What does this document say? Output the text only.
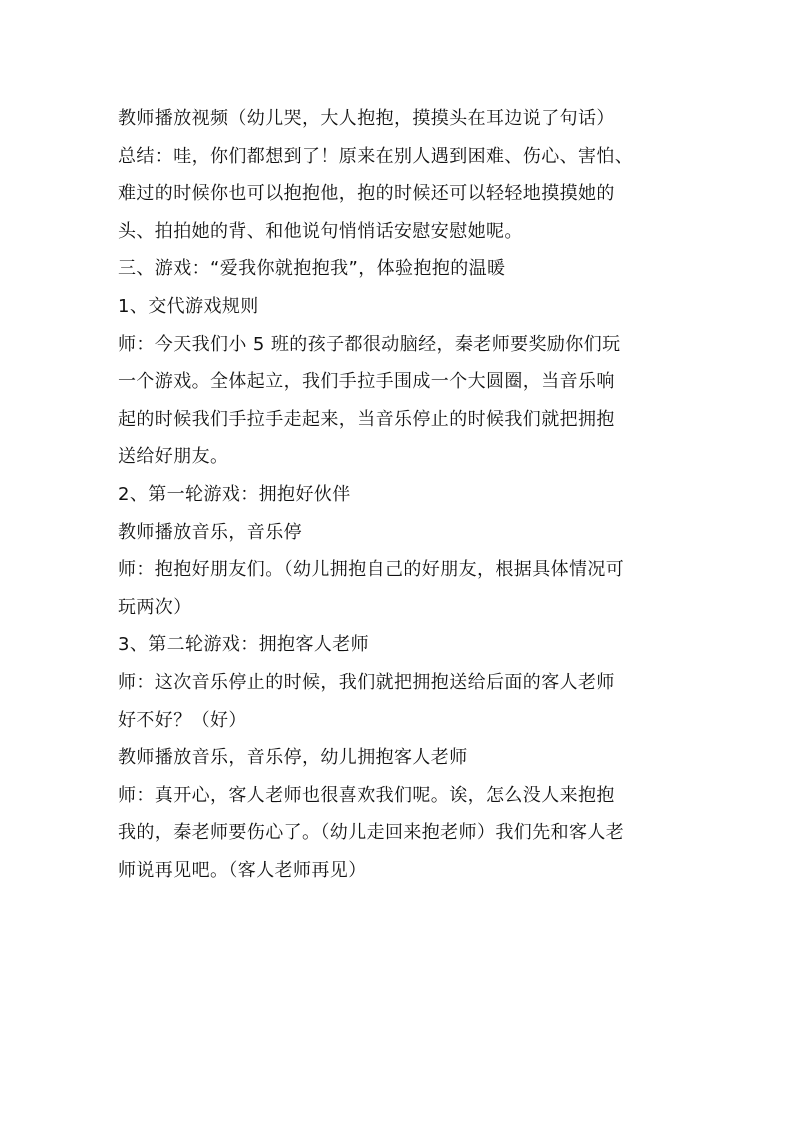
教师播放视频（幼儿哭，大人抱抱，摸摸头在耳边说了句话）
总结：哇，你们都想到了！原来在别人遇到困难、伤心、害怕、
难过的时候你也可以抱抱他，抱的时候还可以轻轻地摸摸她的
头、拍拍她的背、和他说句悄悄话安慰安慰她呢。
三、游戏：“爱我你就抱抱我”，体验抱抱的温暖
1、交代游戏规则
师：今天我们小 5 班的孩子都很动脑经，秦老师要奖励你们玩
一个游戏。全体起立，我们手拉手围成一个大圆圈，当音乐响
起的时候我们手拉手走起来，当音乐停止的时候我们就把拥抱
送给好朋友。
2、第一轮游戏：拥抱好伙伴
教师播放音乐，音乐停
师：抱抱好朋友们。（幼儿拥抱自己的好朋友，根据具体情况可
玩两次）
3、第二轮游戏：拥抱客人老师
师：这次音乐停止的时候，我们就把拥抱送给后面的客人老师
好不好？（好）
教师播放音乐，音乐停，幼儿拥抱客人老师
师：真开心，客人老师也很喜欢我们呢。诶，怎么没人来抱抱
我的，秦老师要伤心了。（幼儿走回来抱老师）我们先和客人老
师说再见吧。（客人老师再见）
